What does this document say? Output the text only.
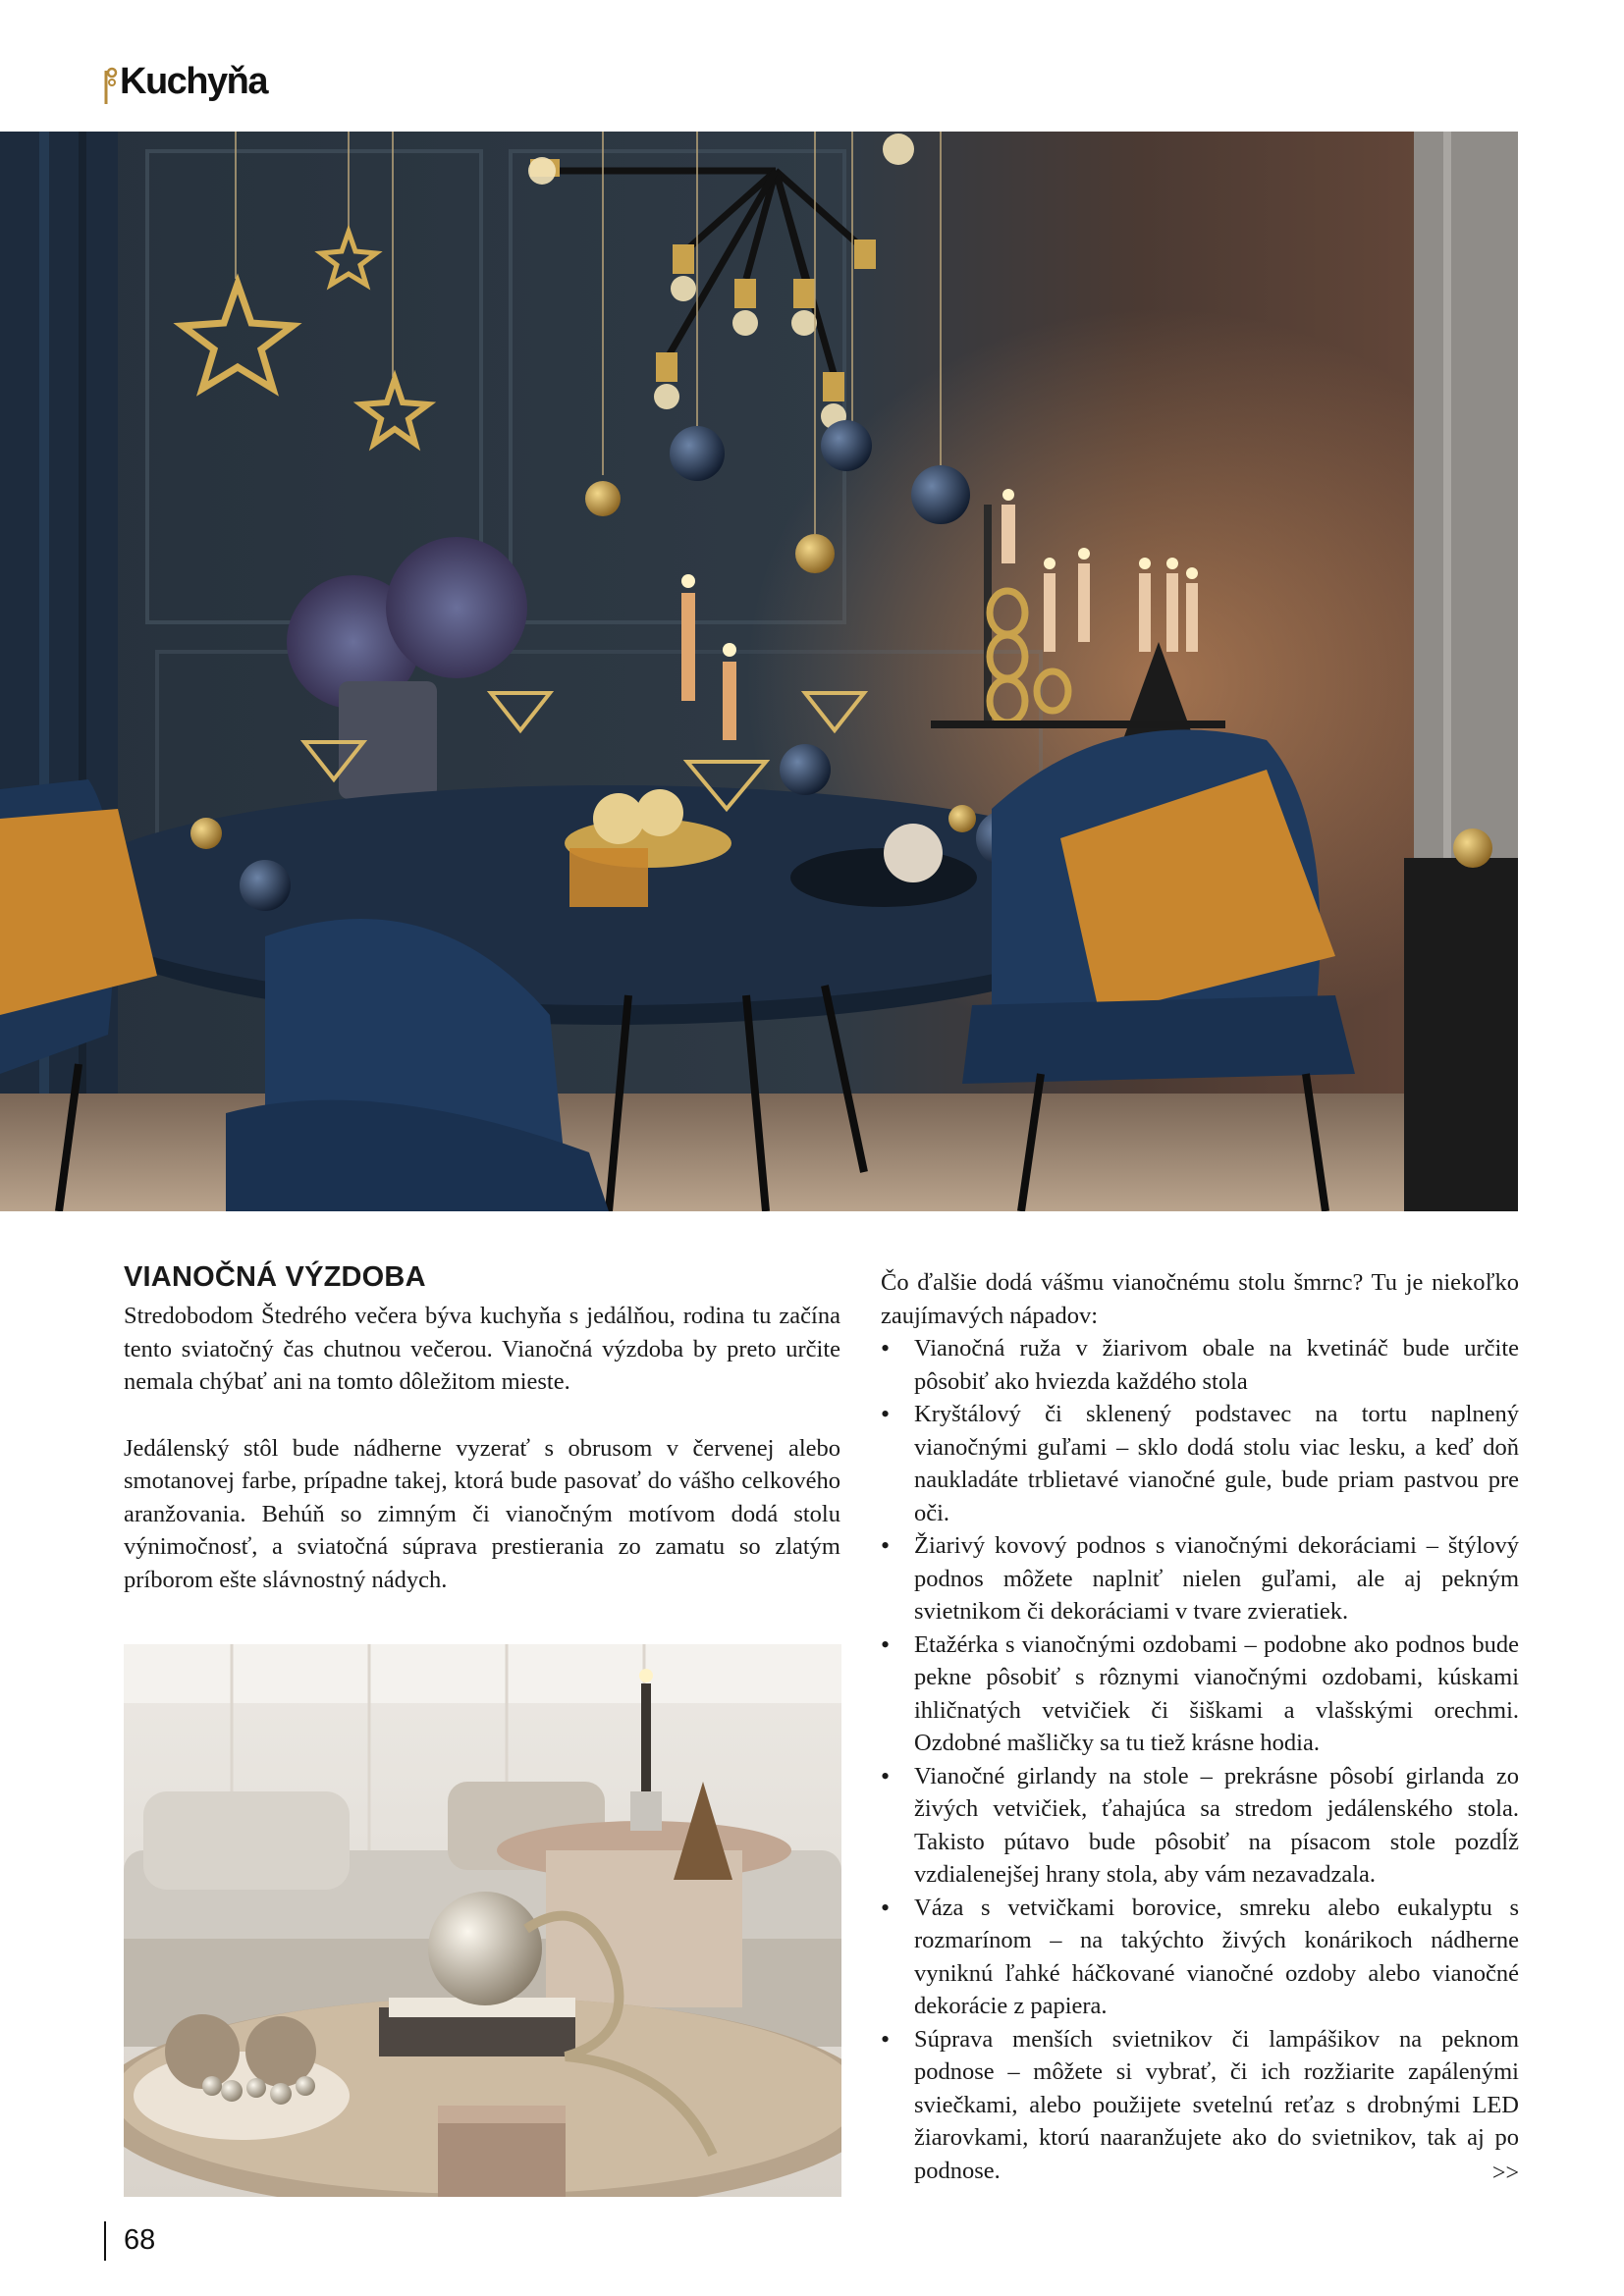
Kuchyňa
VIANOČNÁ VÝZDOBA

Stredobodom Štedrého večera býva kuchyňa s jedálňou, rodina tu začína tento sviatočný čas chutnou večerou. Vianočná výzdoba by preto určite nemala chýbať ani na tomto dôležitom mieste.

Jedálenský stôl bude nádherne vyzerať s obrusom v červenej alebo smotanovej farbe, prípadne takej, ktorá bude pasovať do vášho celkového aranžovania. Behúň so zimným či vianočným motívom dodá stolu výnimočnosť, a sviatočná súprava prestierania zo zamatu so zlatým príborom ešte slávnostný nádych.

Čo ďalšie dodá vášmu vianočnému stolu šmrnc? Tu je niekoľko zaujímavých nápadov:

• Vianočná ruža v žiarivom obale na kvetináč bude určite pôsobiť ako hviezda každého stola
• Kryštálový či sklenený podstavec na tortu naplnený vianočnými guľami – sklo dodá stolu viac lesku, a keď doň naukladáte trblietavé vianočné gule, bude priam pastvou pre oči.
• Žiarivý kovový podnos s vianočnými dekoráciami – štýlový podnos môžete naplniť nielen guľami, ale aj pekným svietnikom či dekoráciami v tvare zvieratiek.
• Etažérka s vianočnými ozdobami – podobne ako podnos bude pekne pôsobiť s rôznymi vianočnými ozdobami, kúskami ihličnatých vetvičiek či šiškami a vlašskými orechmi. Ozdobné mašličky sa tu tiež krásne hodia.
• Vianočné girlandy na stole – prekrásne pôsobí girlanda zo živých vetvičiek, ťahajúca sa stredom jedálenského stola. Takisto pútavo bude pôsobiť na písacom stole pozdĺž vzdialenejšej hrany stola, aby vám nezavadzala.
• Váza s vetvičkami borovice, smreku alebo eukalyptu s rozmarínom – na takýchto živých konárikoch nádherne vyniknú ľahké háčkované vianočné ozdoby alebo vianočné dekorácie z papiera.
• Súprava menších svietnikov či lampášikov na peknom podnose – môžete si vybrať, či ich rozžiarite zapálenými sviečkami, alebo použijete svetelnú reťaz s drobnými LED žiarovkami, ktorú naaranžujete ako do svietnikov, tak aj po podnose.	>>
68
